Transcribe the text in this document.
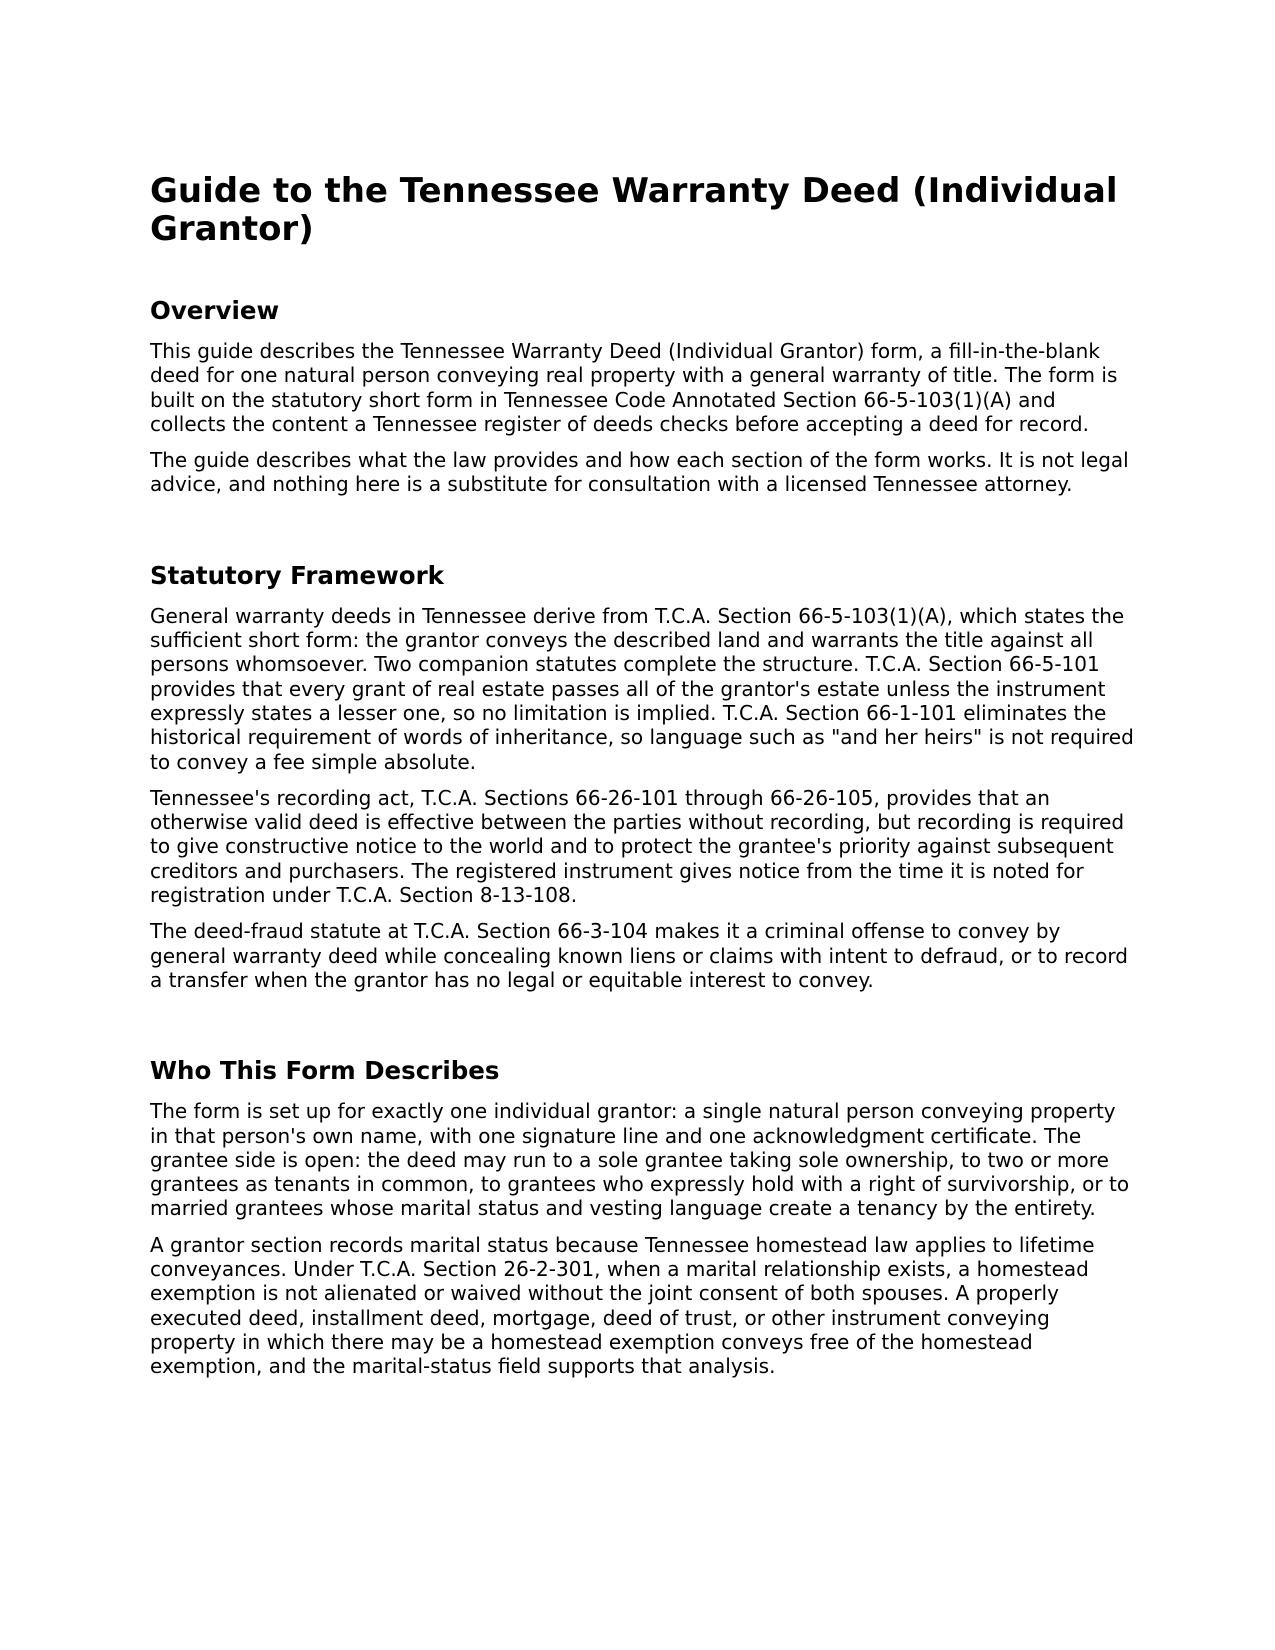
Guide to the Tennessee Warranty Deed (Individual Grantor)
Overview

This guide describes the Tennessee Warranty Deed (Individual Grantor) form, a fill-in-the-blank deed for one natural person conveying real property with a general warranty of title. The form is built on the statutory short form in Tennessee Code Annotated Section 66-5-103(1)(A) and collects the content a Tennessee register of deeds checks before accepting a deed for record.

The guide describes what the law provides and how each section of the form works. It is not legal advice, and nothing here is a substitute for consultation with a licensed Tennessee attorney.

Statutory Framework

General warranty deeds in Tennessee derive from T.C.A. Section 66-5-103(1)(A), which states the sufficient short form: the grantor conveys the described land and warrants the title against all persons whomsoever. Two companion statutes complete the structure. T.C.A. Section 66-5-101 provides that every grant of real estate passes all of the grantor's estate unless the instrument expressly states a lesser one, so no limitation is implied. T.C.A. Section 66-1-101 eliminates the historical requirement of words of inheritance, so language such as "and her heirs" is not required to convey a fee simple absolute.

Tennessee's recording act, T.C.A. Sections 66-26-101 through 66-26-105, provides that an otherwise valid deed is effective between the parties without recording, but recording is required to give constructive notice to the world and to protect the grantee's priority against subsequent creditors and purchasers. The registered instrument gives notice from the time it is noted for registration under T.C.A. Section 8-13-108.

The deed-fraud statute at T.C.A. Section 66-3-104 makes it a criminal offense to convey by general warranty deed while concealing known liens or claims with intent to defraud, or to record a transfer when the grantor has no legal or equitable interest to convey.

Who This Form Describes

The form is set up for exactly one individual grantor: a single natural person conveying property in that person's own name, with one signature line and one acknowledgment certificate. The grantee side is open: the deed may run to a sole grantee taking sole ownership, to two or more grantees as tenants in common, to grantees who expressly hold with a right of survivorship, or to married grantees whose marital status and vesting language create a tenancy by the entirety.

A grantor section records marital status because Tennessee homestead law applies to lifetime conveyances. Under T.C.A. Section 26-2-301, when a marital relationship exists, a homestead exemption is not alienated or waived without the joint consent of both spouses. A properly executed deed, installment deed, mortgage, deed of trust, or other instrument conveying property in which there may be a homestead exemption conveys free of the homestead exemption, and the marital-status field supports that analysis.
